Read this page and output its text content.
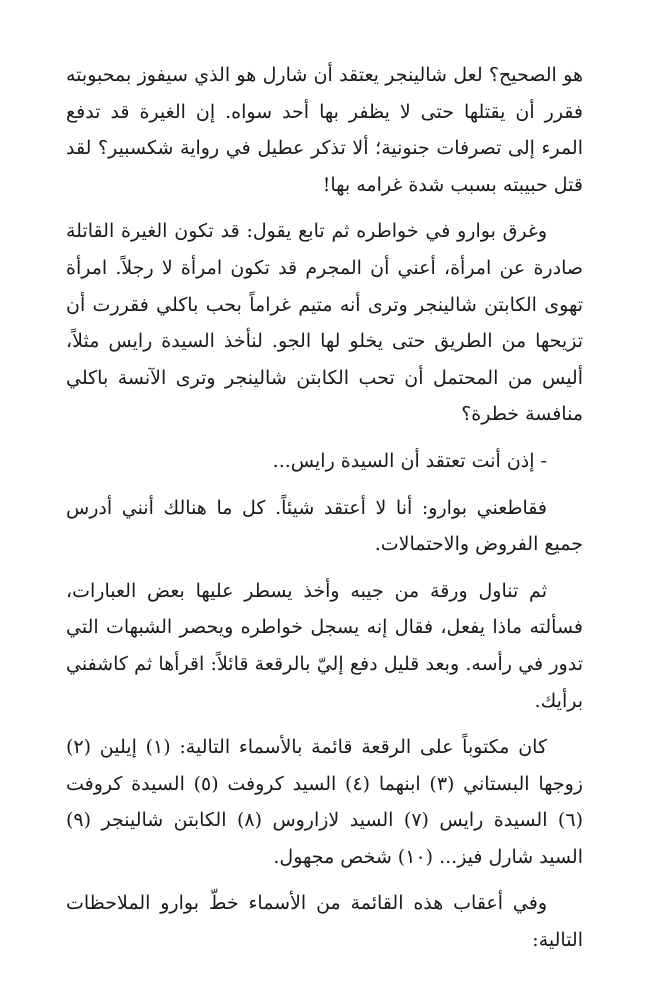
هو الصحيح؟ لعل شالينجر يعتقد أن شارل هو الذي سيفوز بمحبوبته فقرر أن يقتلها حتى لا يظفر بها أحد سواه. إن الغيرة قد تدفع المرء إلى تصرفات جنونية؛ ألا تذكر عطيل في رواية شكسبير؟ لقد قتل حبيبته بسبب شدة غرامه بها!

وغرق بوارو في خواطره ثم تابع يقول: قد تكون الغيرة القاتلة صادرة عن امرأة، أعني أن المجرم قد تكون امرأة لا رجلاً. امرأة تهوى الكابتن شالينجر وترى أنه متيم غراماً بحب باكلي فقررت أن تزيحها من الطريق حتى يخلو لها الجو. لنأخذ السيدة رايس مثلاً، أليس من المحتمل أن تحب الكابتن شالينجر وترى الآنسة باكلي منافسة خطرة؟

- إذن أنت تعتقد أن السيدة رايس...

فقاطعني بوارو: أنا لا أعتقد شيئاً. كل ما هنالك أنني أدرس جميع الفروض والاحتمالات.

ثم تناول ورقة من جيبه وأخذ يسطر عليها بعض العبارات، فسألته ماذا يفعل، فقال إنه يسجل خواطره ويحصر الشبهات التي تدور في رأسه. وبعد قليل دفع إليّ بالرقعة قائلاً: اقرأها ثم كاشفني برأيك.

كان مكتوباً على الرقعة قائمة بالأسماء التالية: (١) إيلين (٢) زوجها البستاني (٣) ابنهما (٤) السيد كروفت (٥) السيدة كروفت (٦) السيدة رايس (٧) السيد لازاروس (٨) الكابتن شالينجر (٩) السيد شارل فيز... (١٠) شخص مجهول.

وفي أعقاب هذه القائمة من الأسماء خطّ بوارو الملاحظات التالية:
